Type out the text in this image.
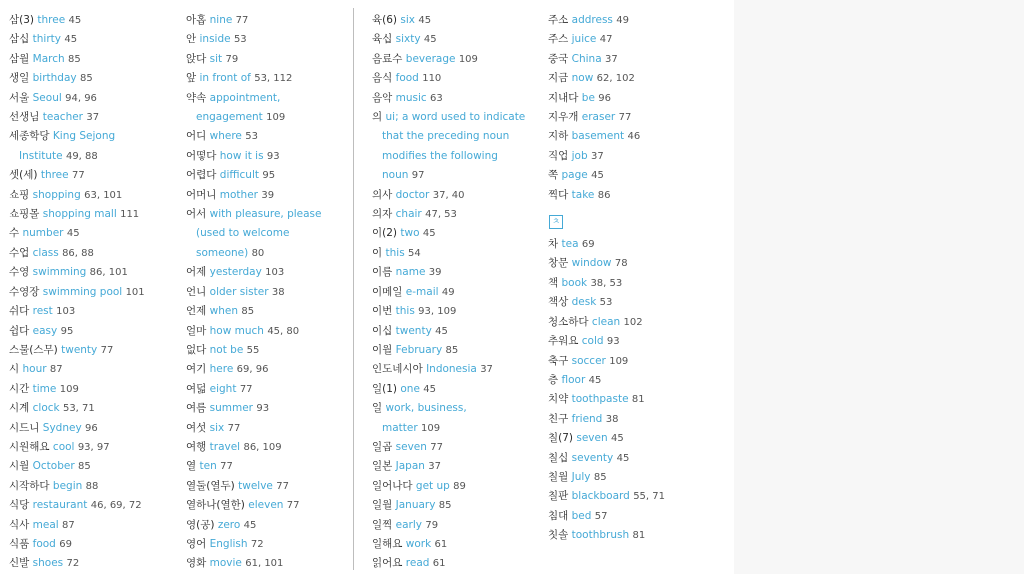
삼(3) three 45
삼십 thirty 45
삼월 March 85
생일 birthday 85
서울 Seoul 94, 96
선생님 teacher 37
세종학당 King Sejong
Institute 49, 88
셋(세) three 77
쇼핑 shopping 63, 101
쇼핑몰 shopping mall 111
수 number 45
수업 class 86, 88
수영 swimming 86, 101
수영장 swimming pool 101
쉬다 rest 103
쉽다 easy 95
스물(스무) twenty 77
시 hour 87
시간 time 109
시계 clock 53, 71
시드니 Sydney 96
시원해요 cool 93, 97
시월 October 85
시작하다 begin 88
식당 restaurant 46, 69, 72
식사 meal 87
식품 food 69
신발 shoes 72
아홉 nine 77
안 inside 53
앉다 sit 79
앞 in front of 53, 112
약속 appointment,
engagement 109
어디 where 53
어떻다 how it is 93
어렵다 difficult 95
어머니 mother 39
어서 with pleasure, please
(used to welcome
someone) 80
어제 yesterday 103
언니 older sister 38
언제 when 85
얼마 how much 45, 80
없다 not be 55
여기 here 69, 96
여덟 eight 77
여름 summer 93
여섯 six 77
여행 travel 86, 109
열 ten 77
열둘(열두) twelve 77
열하나(열한) eleven 77
영(공) zero 45
영어 English 72
영화 movie 61, 101
육(6) six 45
육십 sixty 45
음료수 beverage 109
음식 food 110
음악 music 63
의 ui; a word used to indicate
that the preceding noun
modifies the following
noun 97
의사 doctor 37, 40
의자 chair 47, 53
이(2) two 45
이 this 54
이름 name 39
이메일 e-mail 49
이번 this 93, 109
이십 twenty 45
이월 February 85
인도네시아 Indonesia 37
일(1) one 45
일 work, business,
matter 109
일곱 seven 77
일본 Japan 37
일어나다 get up 89
일월 January 85
일찍 early 79
일해요 work 61
읽어요 read 61
주소 address 49
주스 juice 47
중국 China 37
지금 now 62, 102
지내다 be 96
지우개 eraser 77
지하 basement 46
직업 job 37
쪽 page 45
찍다 take 86
ㅊ
차 tea 69
창문 window 78
책 book 38, 53
책상 desk 53
청소하다 clean 102
추워요 cold 93
축구 soccer 109
층 floor 45
치약 toothpaste 81
친구 friend 38
칠(7) seven 45
칠십 seventy 45
칠월 July 85
칠판 blackboard 55, 71
침대 bed 57
칫솔 toothbrush 81
